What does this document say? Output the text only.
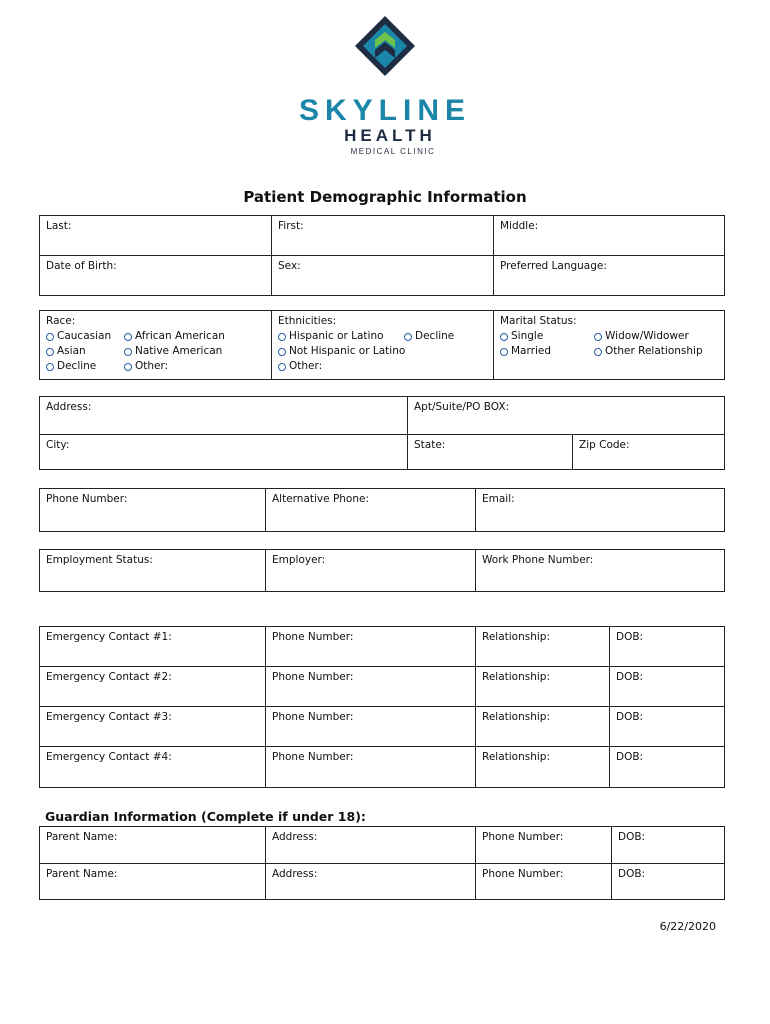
SKYLINE
HEALTH
MEDICAL CLINIC
Patient Demographic Information
Last:	First:	Middle:
Date of Birth:	Sex:	Preferred Language:
Race:
Caucasian African American
Asian	Native American
Decline	Other:
Ethnicities:
Hispanic or Latino	Decline
Not Hispanic or Latino
Other:
Marital Status:
Single	Widow/Widower
Married	Other Relationship
Address:	Apt/Suite/PO BOX:
City:	State:	Zip Code:
Phone Number:	Alternative Phone:	Email:
Employment Status:	Employer:	Work Phone Number:
Emergency Contact #1:	Phone Number:	Relationship:	DOB:
Emergency Contact #2:	Phone Number:	Relationship:	DOB:
Emergency Contact #3:	Phone Number:	Relationship:	DOB:
Emergency Contact #4:	Phone Number:	Relationship:	DOB:
Guardian Information (Complete if under 18):
Parent Name:	Address:	Phone Number:	DOB:
Parent Name:	Address:	Phone Number:	DOB:
6/22/2020
